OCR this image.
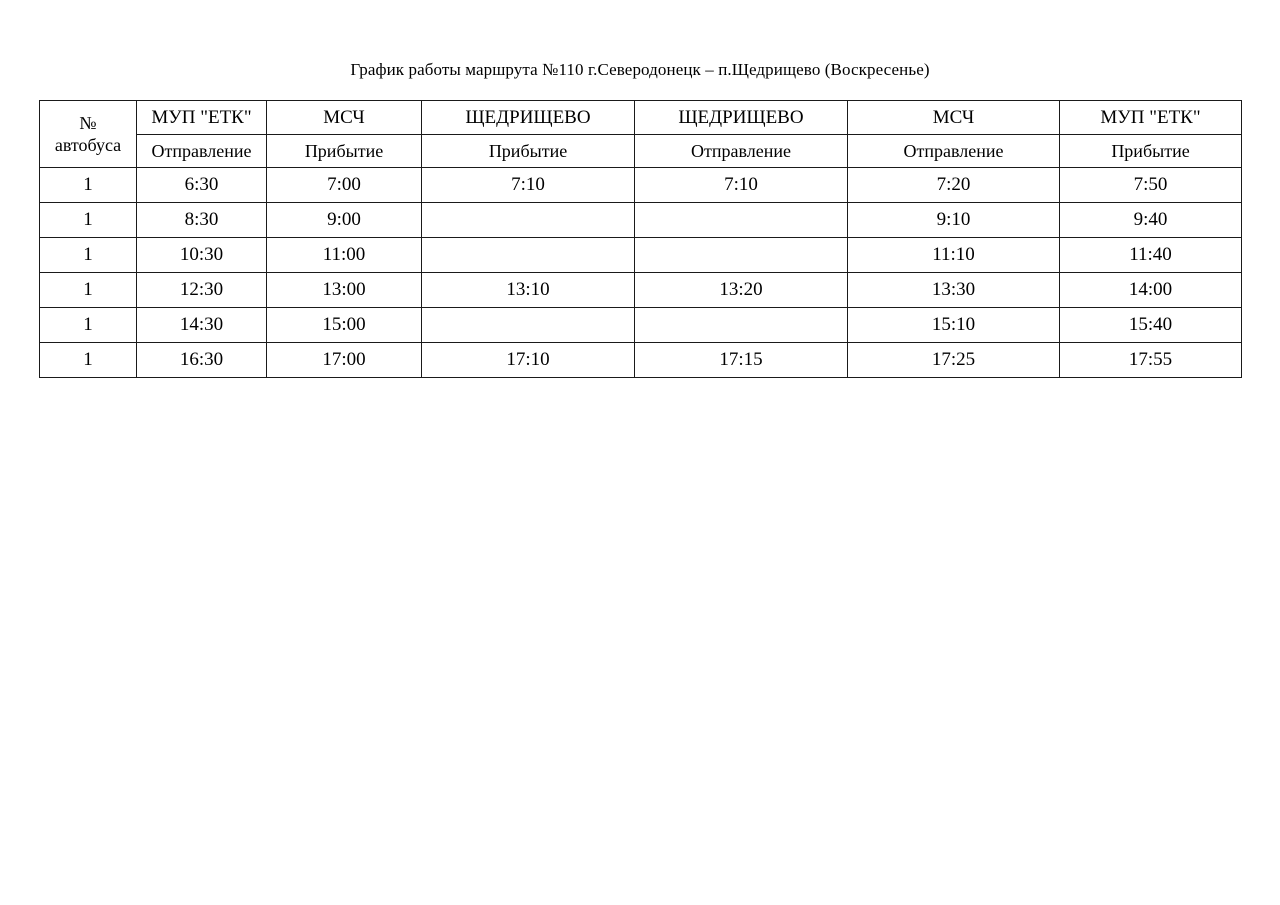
График работы маршрута №110 г.Северодонецк – п.Щедрищево (Воскресенье)
№
автобуса	МУП "ЕТК"	МСЧ	ЩЕДРИЩЕВО	ЩЕДРИЩЕВО	МСЧ	МУП "ЕТК"
	Отправление	Прибытие	Прибытие	Отправление	Отправление	Прибытие
1	6:30	7:00	7:10	7:10	7:20	7:50
1	8:30	9:00			9:10	9:40
1	10:30	11:00			11:10	11:40
1	12:30	13:00	13:10	13:20	13:30	14:00
1	14:30	15:00			15:10	15:40
1	16:30	17:00	17:10	17:15	17:25	17:55
